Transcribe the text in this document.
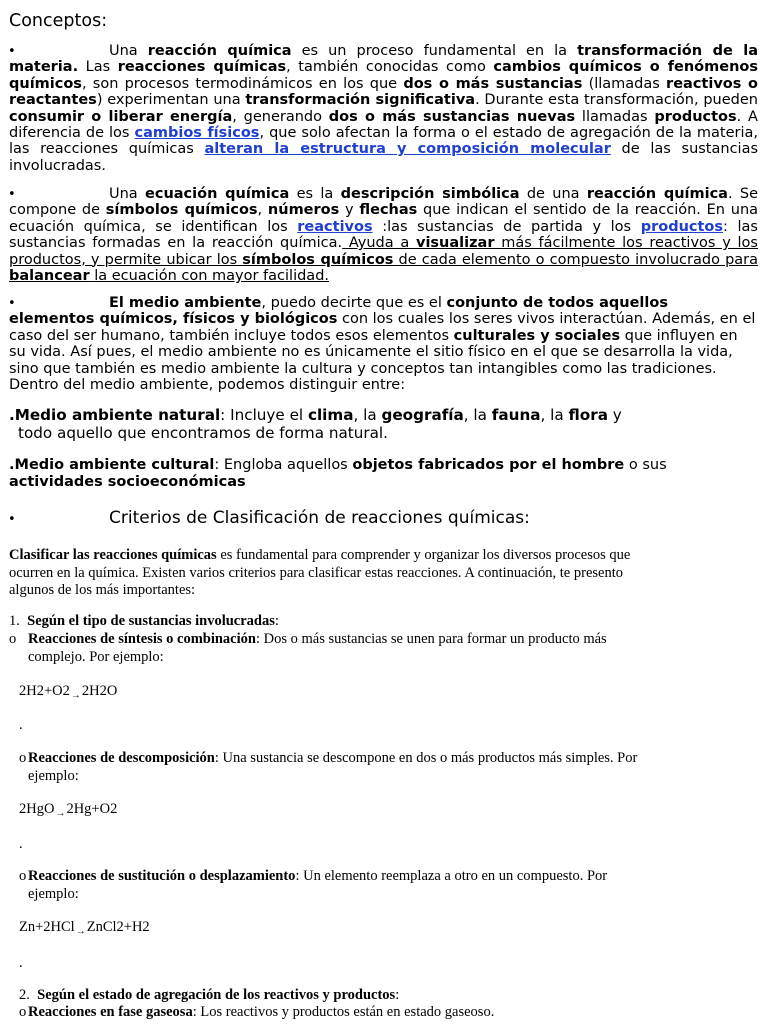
Conceptos:
•	Una reacción química es un proceso fundamental en la transformación de la materia. Las reacciones químicas, también conocidas como cambios químicos o fenómenos químicos, son procesos termodinámicos en los que dos o más sustancias (llamadas reactivos o reactantes) experimentan una transformación significativa. Durante esta transformación, pueden consumir o liberar energía, generando dos o más sustancias nuevas llamadas productos. A diferencia de los cambios físicos, que solo afectan la forma o el estado de agregación de la materia, las reacciones químicas alteran la estructura y composición molecular de las sustancias involucradas.

•	Una ecuación química es la descripción simbólica de una reacción química. Se compone de símbolos químicos, números y flechas que indican el sentido de la reacción. En una ecuación química, se identifican los reactivos :las sustancias de partida y los productos: las sustancias formadas en la reacción química. Ayuda a visualizar más fácilmente los reactivos y los productos, y permite ubicar los símbolos químicos de cada elemento o compuesto involucrado para balancear la ecuación con mayor facilidad.

•	El medio ambiente, puedo decirte que es el conjunto de todos aquellos elementos químicos, físicos y biológicos con los cuales los seres vivos interactúan. Además, en el caso del ser humano, también incluye todos esos elementos culturales y sociales que influyen en su vida. Así pues, el medio ambiente no es únicamente el sitio físico en el que se desarrolla la vida, sino que también es medio ambiente la cultura y conceptos tan intangibles como las tradiciones. Dentro del medio ambiente, podemos distinguir entre:

.Medio ambiente natural: Incluye el clima, la geografía, la fauna, la flora y
todo aquello que encontramos de forma natural.
.Medio ambiente cultural: Engloba aquellos objetos fabricados por el hombre o sus actividades socioeconómicas
•	Criterios de Clasificación de reacciones químicas:

Clasificar las reacciones químicas es fundamental para comprender y organizar los diversos procesos que ocurren en la química. Existen varios criterios para clasificar estas reacciones. A continuación, te presento algunos de los más importantes:

1. Según el tipo de sustancias involucradas:
o Reacciones de síntesis o combinación: Dos o más sustancias se unen para formar un producto más complejo. Por ejemplo:

$2H2+O2_\to 2H2O$
.
o Reacciones de descomposición: Una sustancia se descompone en dos o más productos más simples. Por ejemplo:

2HgO$_\to$2Hg+O2
.
o Reacciones de sustitución o desplazamiento: Un elemento reemplaza a otro en un compuesto. Por ejemplo:

Zn+2HCl$_\to$ZnCl2+H2
.
2. Según el estado de agregación de los reactivos y productos:
o Reacciones en fase gaseosa: Los reactivos y productos están en estado gaseoso.
